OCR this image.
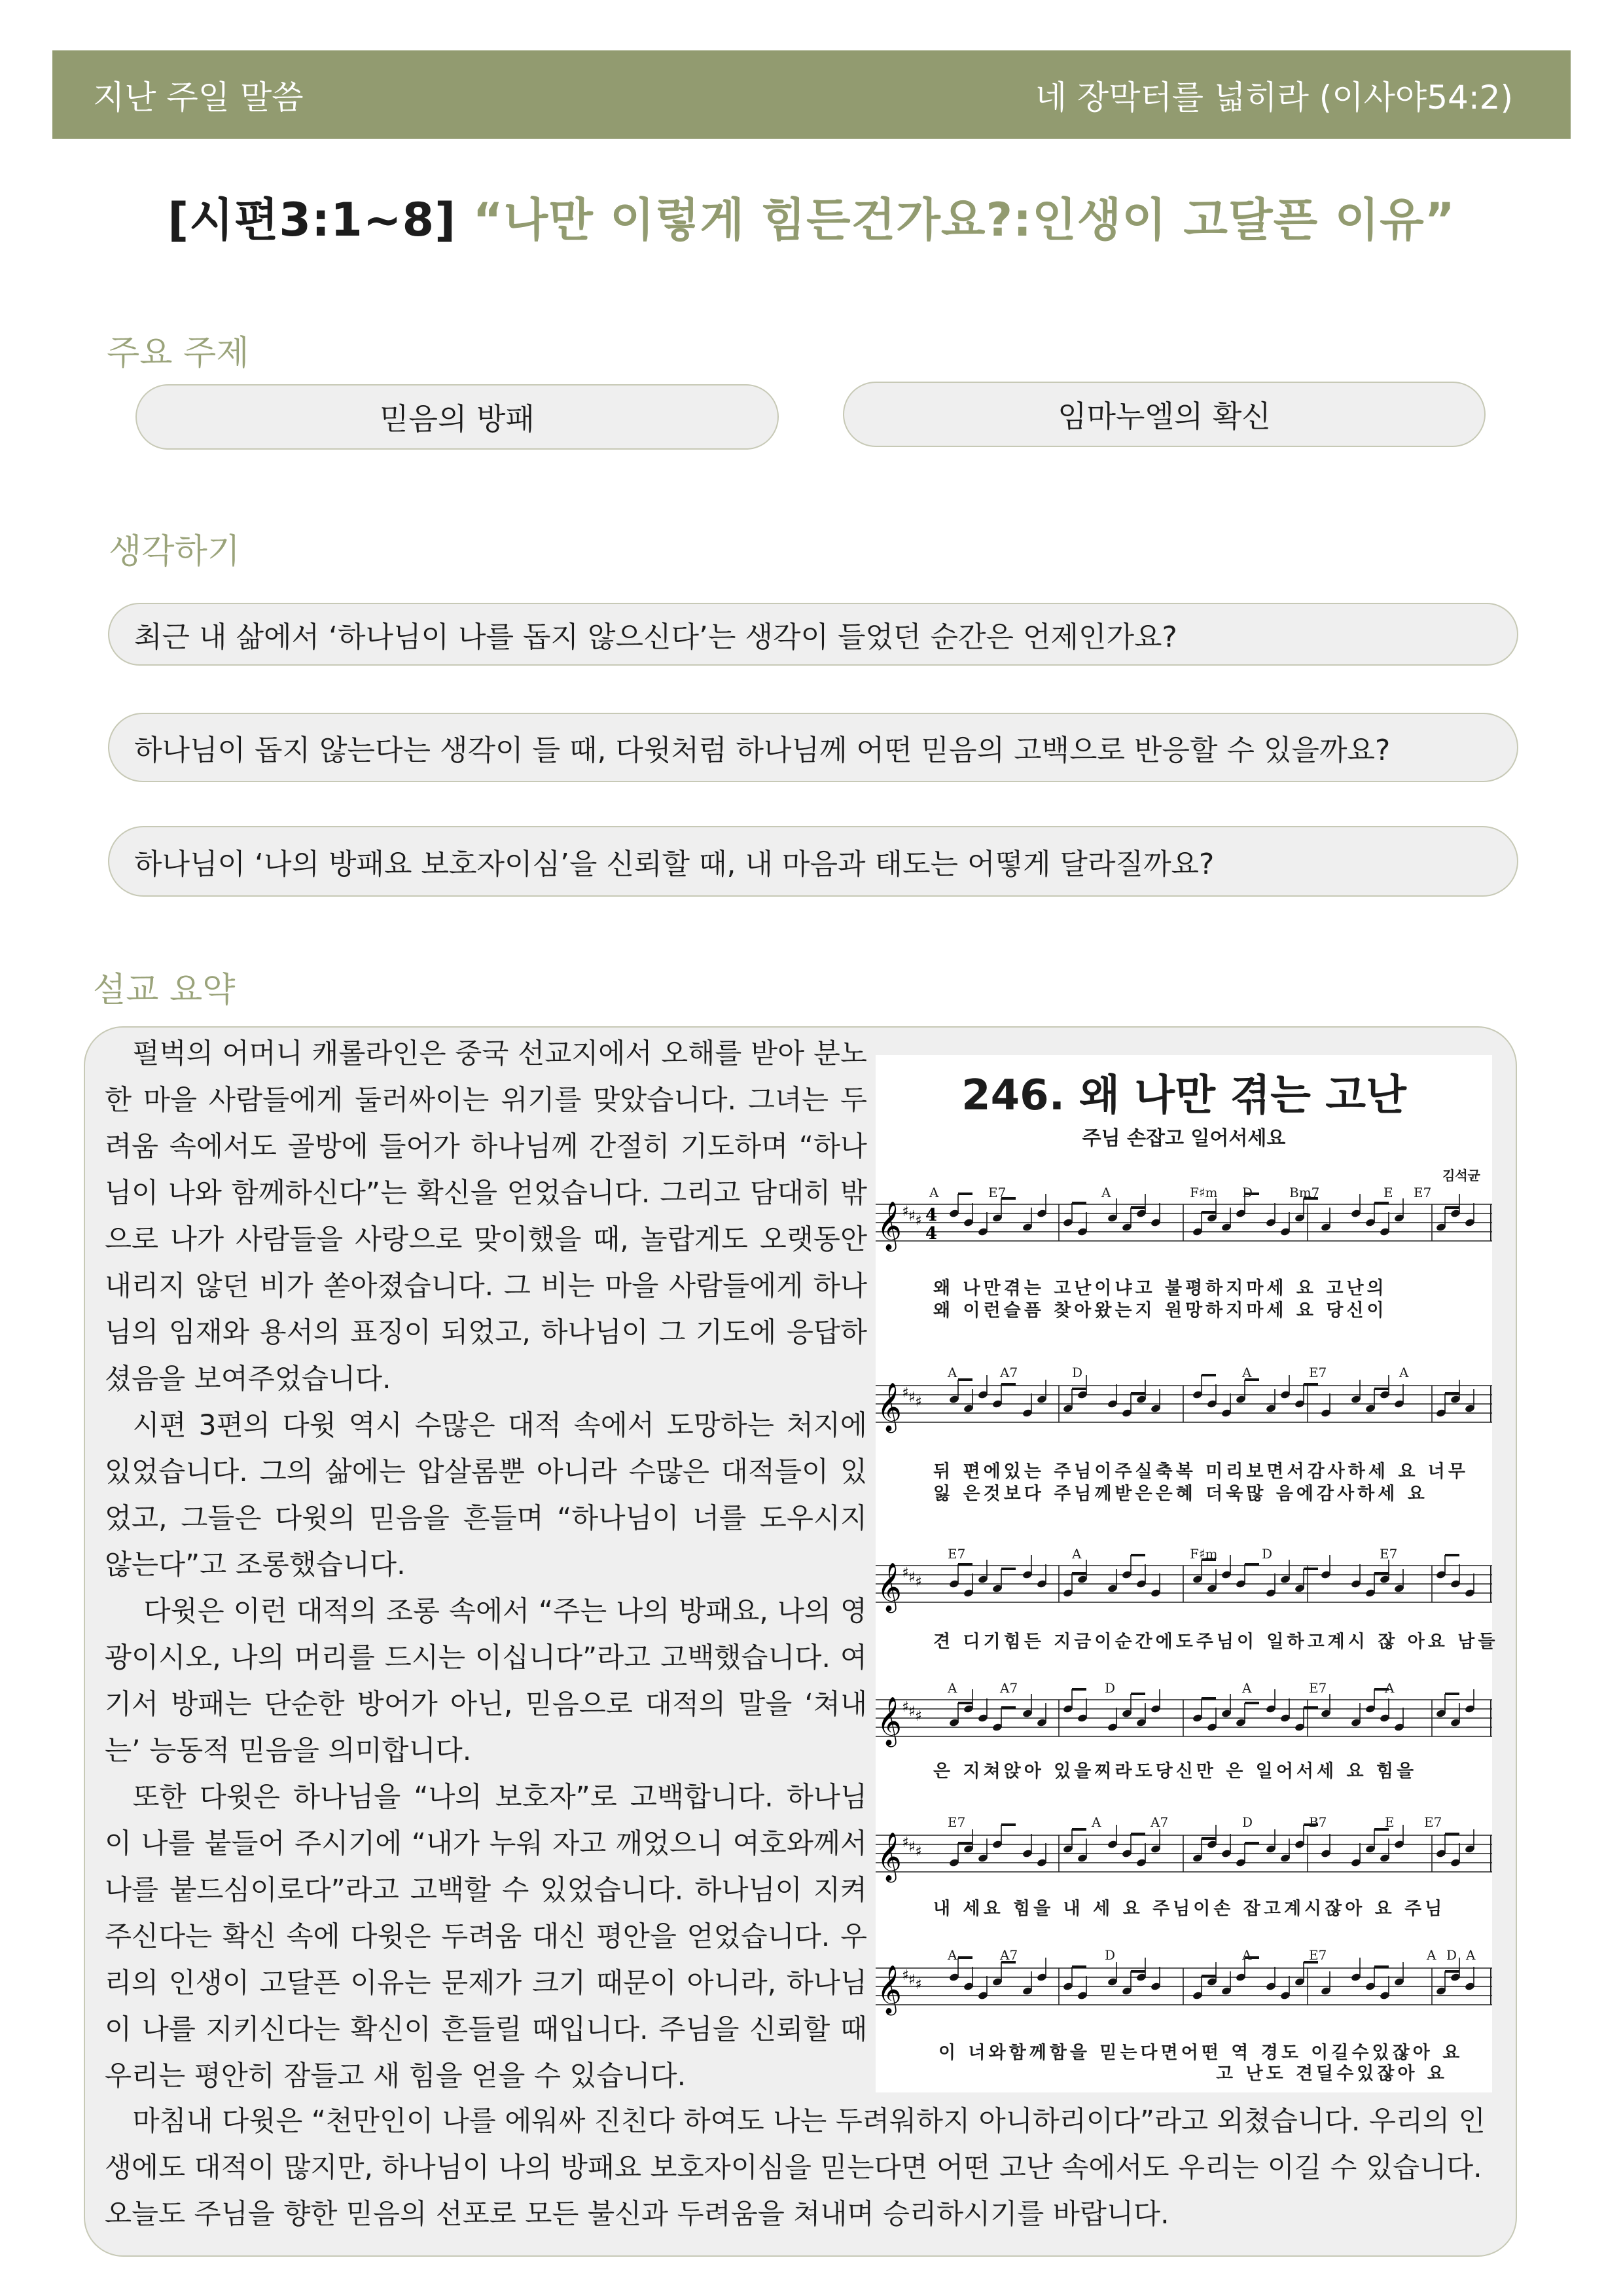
지난 주일 말씀	네 장막터를 넓히라 (이사야54:2)
[시편3:1~8] “나만 이렇게 힘든건가요?:인생이 고달픈 이유”
주요 주제
믿음의 방패	임마누엘의 확신
생각하기
최근 내 삶에서 ‘하나님이 나를 돕지 않으신다’는 생각이 들었던 순간은 언제인가요?
하나님이 돕지 않는다는 생각이 들 때, 다윗처럼 하나님께 어떤 믿음의 고백으로 반응할 수 있을까요?
하나님이 ‘나의 방패요 보호자이심’을 신뢰할 때, 내 마음과 태도는 어떻게 달라질까요?
설교 요약

펄벅의 어머니 캐롤라인은 중국 선교지에서 오해를 받아 분노한 마을 사람들에게 둘러싸이는 위기를 맞았습니다. 그녀는 두려움 속에서도 골방에 들어가 하나님께 간절히 기도하며 “하나님이 나와 함께하신다”는 확신을 얻었습니다. 그리고 담대히 밖으로 나가 사람들을 사랑으로 맞이했을 때, 놀랍게도 오랫동안 내리지 않던 비가 쏟아졌습니다. 그 비는 마을 사람들에게 하나님의 임재와 용서의 표징이 되었고, 하나님이 그 기도에 응답하셨음을 보여주었습니다.

시편 3편의 다윗 역시 수많은 대적 속에서 도망하는 처지에 있었습니다. 그의 삶에는 압살롬뿐 아니라 수많은 대적들이 있었고, 그들은 다윗의 믿음을 흔들며 “하나님이 너를 도우시지 않는다”고 조롱했습니다.

다윗은 이런 대적의 조롱 속에서 “주는 나의 방패요, 나의 영광이시오, 나의 머리를 드시는 이십니다”라고 고백했습니다. 여기서 방패는 단순한 방어가 아닌, 믿음으로 대적의 말을 ‘쳐내는’ 능동적 믿음을 의미합니다.

또한 다윗은 하나님을 “나의 보호자”로 고백합니다. 하나님이 나를 붙들어 주시기에 “내가 누워 자고 깨었으니 여호와께서 나를 붙드심이로다”라고 고백할 수 있었습니다. 하나님이 지켜주신다는 확신 속에 다윗은 두려움 대신 평안을 얻었습니다. 우리의 인생이 고달픈 이유는 문제가 크기 때문이 아니라, 하나님이 나를 지키신다는 확신이 흔들릴 때입니다. 주님을 신뢰할 때 우리는 평안히 잠들고 새 힘을 얻을 수 있습니다.

마침내 다윗은 “천만인이 나를 에워싸 진친다 하여도 나는 두려워하지 아니하리이다”라고 외쳤습니다. 우리의 인생에도 대적이 많지만, 하나님이 나의 방패요 보호자이심을 믿는다면 어떤 고난 속에서도 우리는 이길 수 있습니다. 오늘도 주님을 향한 믿음의 선포로 모든 불신과 두려움을 쳐내며 승리하시기를 바랍니다.

𝄞 ♯ ♯ ♯ 4
4
𝄞 ♯ ♯ ♯
𝄞 ♯ ♯ ♯
𝄞 ♯ ♯ ♯
𝄞 ♯ ♯ ♯
𝄞 ♯ ♯ ♯
246. 왜 나만 겪는 고난
주님 손잡고 일어서세요
김석균
A	E7	A	F♯m D	Bm7	E E7
왜 나만겪는 고난이냐고 불평하지마세 요 고난의
왜 이런슬픔 찾아왔는지 원망하지마세 요 당신이
A	A7	D	A	E7	A
뒤 편에있는 주님이주실축복 미리보면서감사하세 요 너무
잃 은것보다 주님께받은은혜 더욱많 음에감사하세 요
E7	A	F♯m	D	E7
견 디기힘든 지금이순간에도주님이 일하고계시 잖 아요 남들
A	A7	D	A	E7	A
은 지쳐앉아 있을찌라도당신만 은 일어서세 요 힘을
E7	A	A7	D	B7	E E7
내 세요 힘을 내 세 요 주님이손 잡고계시잖아 요 주님
A	A7	D	A	E7	A D A
이 너와함께함을 믿는다면어떤 역 경도 이길수있잖아 요
고 난도 견딜수있잖아 요
